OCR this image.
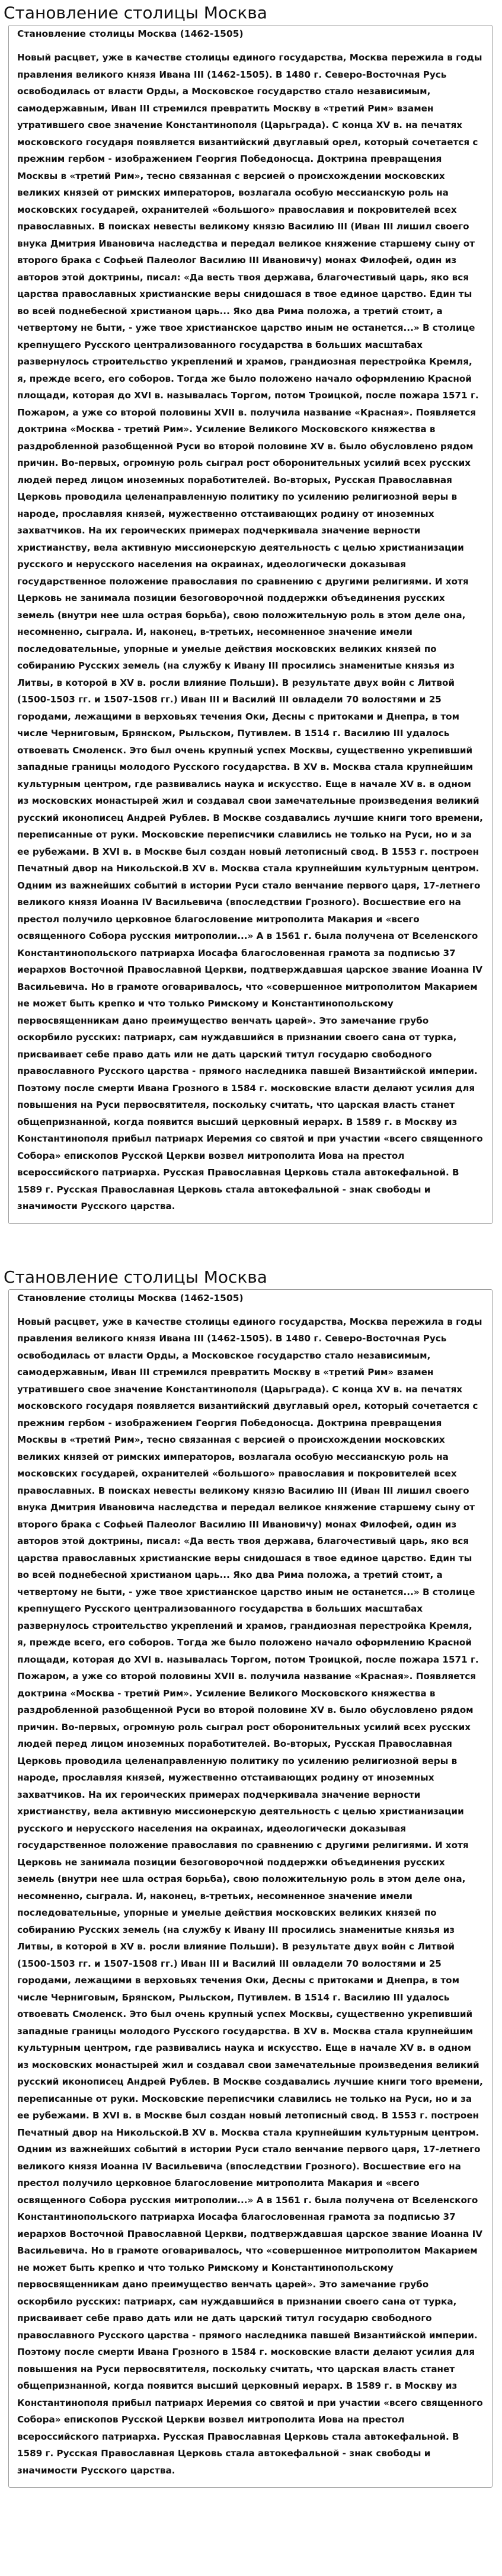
Становление столицы Москва
Становление столицы Москва (1462-1505)

Новый расцвет, уже в качестве столицы единого государства, Москва пережила в годы правления великого князя Ивана III (1462-1505). В 1480 г. Северо-Восточная Русь освободилась от власти Орды, а Московское государство стало независимым, самодержавным, Иван III стремился превратить Москву в «третий Рим» взамен утратившего свое значение Константинополя (Царьграда). С конца XV в. на печатях московского государя появляется византийский двуглавый орел, который сочетается с прежним гербом - изображением Георгия Победоносца. Доктрина превращения Москвы в «третий Рим», тесно связанная с версией о происхождении московских великих князей от римских императоров, возлагала особую мессианскую роль на московских государей, охранителей «большого» православия и покровителей всех православных. В поисках невесты великому князю Василию III (Иван III лишил своего внука Дмитрия Ивановича наследства и передал великое княжение старшему сыну от второго брака с Софьей Палеолог Василию III Ивановичу) монах Филофей, один из авторов этой доктрины, писал: «Да весть твоя держава, благочестивый царь, яко вся царства православных христианские веры снидошася в твое единое царство. Един ты во всей поднебесной христианом царь... Яко два Рима положа, а третий стоит, а четвертому не быти, - уже твое христианское царство иным не останется...» В столице крепнущего Русского централизованного государства в больших масштабах развернулось строительство укреплений и храмов, грандиозная перестройка Кремля, я, прежде всего, его соборов. Тогда же было положено начало оформлению Красной площади, которая до XVI в. называлась Торгом, потом Троицкой, после пожара 1571 г. Пожаром, а уже со второй половины XVII в. получила название «Красная». Появляется доктрина «Москва - третий Рим». Усиление Великого Московского княжества в раздробленной разобщенной Руси во второй половине XV в. было обусловлено рядом причин. Во-первых, огромную роль сыграл рост оборонительных усилий всех русских людей перед лицом иноземных поработителей. Во-вторых, Русская Православная Церковь проводила целенаправленную политику по усилению религиозной веры в народе, прославляя князей, мужественно отстаивающих родину от иноземных захватчиков. На их героических примерах подчеркивала значение верности христианству, вела активную миссионерскую деятельность с целью христианизации русского и нерусского населения на окраинах, идеологически доказывая государственное положение православия по сравнению с другими религиями. И хотя Церковь не занимала позиции безоговорочной поддержки объединения русских земель (внутри нее шла острая борьба), свою положительную роль в этом деле она, несомненно, сыграла. И, наконец, в-третьих, несомненное значение имели последовательные, упорные и умелые действия московских великих князей по собиранию Русских земель (на службу к Ивану III просились знаменитые князья из Литвы, в которой в XV в. росли влияние Польши). В результате двух войн с Литвой (1500-1503 гг. и 1507-1508 гг.) Иван III и Василий III овладели 70 волостями и 25 городами, лежащими в верховьях течения Оки, Десны с притоками и Днепра, в том числе Черниговым, Брянском, Рыльском, Путивлем. В 1514 г. Василию III удалось отвоевать Смоленск. Это был очень крупный успех Москвы, существенно укрепивший западные границы молодого Русского государства. В XV в. Москва стала крупнейшим культурным центром, где развивались наука и искусство. Еще в начале XV в. в одном из московских монастырей жил и создавал свои замечательные произведения великий русский иконописец Андрей Рублев. В Москве создавались лучшие книги того времени, переписанные от руки. Московские переписчики славились не только на Руси, но и за ее рубежами. В XVI в. в Москве был создан новый летописный свод. В 1553 г. построен Печатный двор на Никольской.В XV в. Москва стала крупнейшим культурным центром. Одним из важнейших событий в истории Руси стало венчание первого царя, 17-летнего великого князя Иоанна IV Васильевича (впоследствии Грозного). Восшествие его на престол получило церковное благословение митрополита Макария и «всего освященного Собора русския митрополии...» А в 1561 г. была получена от Вселенского Константинопольского патриарха Иосафа благословенная грамота за подписью 37 иерархов Восточной Православной Церкви, подтверждавшая царское звание Иоанна IV Васильевича. Но в грамоте оговаривалось, что «совершенное митрополитом Макарием не может быть крепко и что только Римскому и Константинопольскому первосвященникам дано преимущество венчать царей». Это замечание грубо оскорбило русских: патриарх, сам нуждавшийся в признании своего сана от турка, присваивает себе право дать или не дать царский титул государю свободного православного Русского царства - прямого наследника павшей Византийской империи. Поэтому после смерти Ивана Грозного в 1584 г. московские власти делают усилия для повышения на Руси первосвятителя, поскольку считать, что царская власть станет общепризнанной, когда появится высший церковный иерарх. В 1589 г. в Москву из Константинополя прибыл патриарх Иеремия со святой и при участии «всего священного Собора» епископов Русской Церкви возвел митрополита Иова на престол всероссийского патриарха. Русская Православная Церковь стала автокефальной. В 1589 г. Русская Православная Церковь стала автокефальной - знак свободы и значимости Русского царства.

Становление столицы Москва
Становление столицы Москва (1462-1505)

Новый расцвет, уже в качестве столицы единого государства, Москва пережила в годы правления великого князя Ивана III (1462-1505). В 1480 г. Северо-Восточная Русь освободилась от власти Орды, а Московское государство стало независимым, самодержавным, Иван III стремился превратить Москву в «третий Рим» взамен утратившего свое значение Константинополя (Царьграда). С конца XV в. на печатях московского государя появляется византийский двуглавый орел, который сочетается с прежним гербом - изображением Георгия Победоносца. Доктрина превращения Москвы в «третий Рим», тесно связанная с версией о происхождении московских великих князей от римских императоров, возлагала особую мессианскую роль на московских государей, охранителей «большого» православия и покровителей всех православных. В поисках невесты великому князю Василию III (Иван III лишил своего внука Дмитрия Ивановича наследства и передал великое княжение старшему сыну от второго брака с Софьей Палеолог Василию III Ивановичу) монах Филофей, один из авторов этой доктрины, писал: «Да весть твоя держава, благочестивый царь, яко вся царства православных христианские веры снидошася в твое единое царство. Един ты во всей поднебесной христианом царь... Яко два Рима положа, а третий стоит, а четвертому не быти, - уже твое христианское царство иным не останется...» В столице крепнущего Русского централизованного государства в больших масштабах развернулось строительство укреплений и храмов, грандиозная перестройка Кремля, я, прежде всего, его соборов. Тогда же было положено начало оформлению Красной площади, которая до XVI в. называлась Торгом, потом Троицкой, после пожара 1571 г. Пожаром, а уже со второй половины XVII в. получила название «Красная». Появляется доктрина «Москва - третий Рим». Усиление Великого Московского княжества в раздробленной разобщенной Руси во второй половине XV в. было обусловлено рядом причин. Во-первых, огромную роль сыграл рост оборонительных усилий всех русских людей перед лицом иноземных поработителей. Во-вторых, Русская Православная Церковь проводила целенаправленную политику по усилению религиозной веры в народе, прославляя князей, мужественно отстаивающих родину от иноземных захватчиков. На их героических примерах подчеркивала значение верности христианству, вела активную миссионерскую деятельность с целью христианизации русского и нерусского населения на окраинах, идеологически доказывая государственное положение православия по сравнению с другими религиями. И хотя Церковь не занимала позиции безоговорочной поддержки объединения русских земель (внутри нее шла острая борьба), свою положительную роль в этом деле она, несомненно, сыграла. И, наконец, в-третьих, несомненное значение имели последовательные, упорные и умелые действия московских великих князей по собиранию Русских земель (на службу к Ивану III просились знаменитые князья из Литвы, в которой в XV в. росли влияние Польши). В результате двух войн с Литвой (1500-1503 гг. и 1507-1508 гг.) Иван III и Василий III овладели 70 волостями и 25 городами, лежащими в верховьях течения Оки, Десны с притоками и Днепра, в том числе Черниговым, Брянском, Рыльском, Путивлем. В 1514 г. Василию III удалось отвоевать Смоленск. Это был очень крупный успех Москвы, существенно укрепивший западные границы молодого Русского государства. В XV в. Москва стала крупнейшим культурным центром, где развивались наука и искусство. Еще в начале XV в. в одном из московских монастырей жил и создавал свои замечательные произведения великий русский иконописец Андрей Рублев. В Москве создавались лучшие книги того времени, переписанные от руки. Московские переписчики славились не только на Руси, но и за ее рубежами. В XVI в. в Москве был создан новый летописный свод. В 1553 г. построен Печатный двор на Никольской.В XV в. Москва стала крупнейшим культурным центром. Одним из важнейших событий в истории Руси стало венчание первого царя, 17-летнего великого князя Иоанна IV Васильевича (впоследствии Грозного). Восшествие его на престол получило церковное благословение митрополита Макария и «всего освященного Собора русския митрополии...» А в 1561 г. была получена от Вселенского Константинопольского патриарха Иосафа благословенная грамота за подписью 37 иерархов Восточной Православной Церкви, подтверждавшая царское звание Иоанна IV Васильевича. Но в грамоте оговаривалось, что «совершенное митрополитом Макарием не может быть крепко и что только Римскому и Константинопольскому первосвященникам дано преимущество венчать царей». Это замечание грубо оскорбило русских: патриарх, сам нуждавшийся в признании своего сана от турка, присваивает себе право дать или не дать царский титул государю свободного православного Русского царства - прямого наследника павшей Византийской империи. Поэтому после смерти Ивана Грозного в 1584 г. московские власти делают усилия для повышения на Руси первосвятителя, поскольку считать, что царская власть станет общепризнанной, когда появится высший церковный иерарх. В 1589 г. в Москву из Константинополя прибыл патриарх Иеремия со святой и при участии «всего священного Собора» епископов Русской Церкви возвел митрополита Иова на престол всероссийского патриарха. Русская Православная Церковь стала автокефальной. В 1589 г. Русская Православная Церковь стала автокефальной - знак свободы и значимости Русского царства.
